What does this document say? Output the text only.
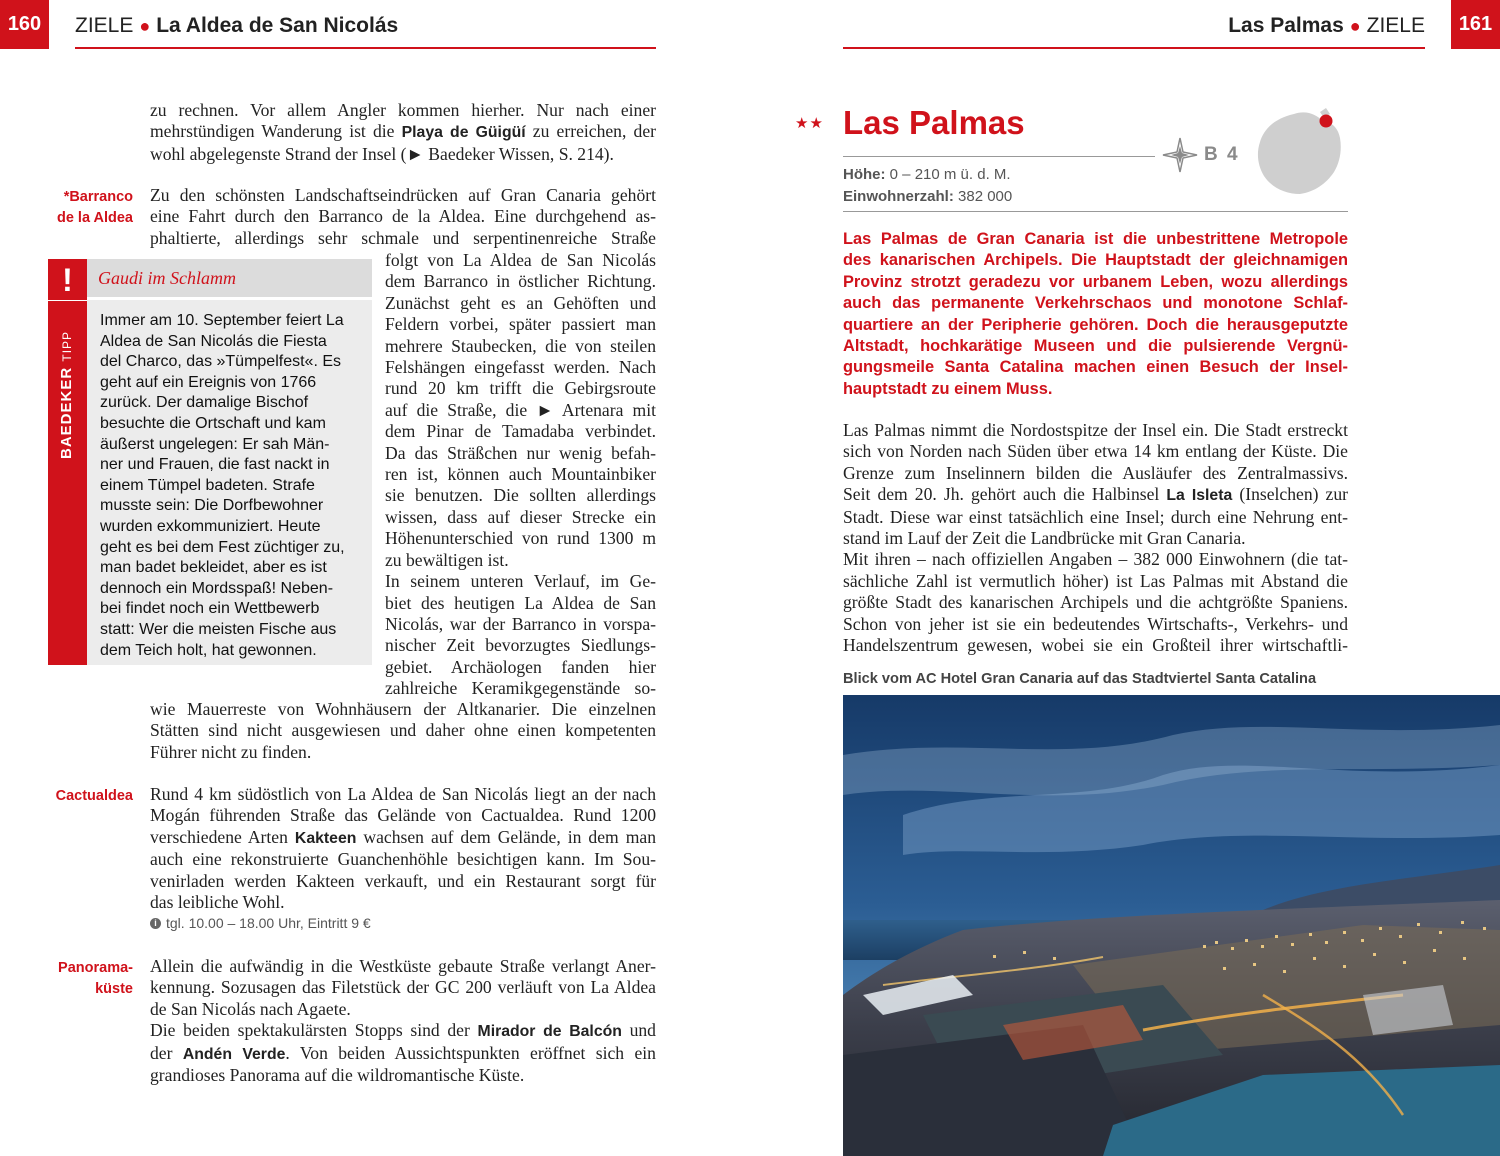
160	ZIELE ● La Aldea de San Nicolás

zu rechnen. Vor allem Angler kommen hierher. Nur nach einer

mehrstündigen Wanderung ist die Playa de Güigüí zu erreichen, der

wohl abgelegenste Strand der Insel (► Baedeker Wissen, S. 214).

*Barranco
de la Aldea

Zu den schönsten Landschaftseindrücken auf Gran Canaria gehört

eine Fahrt durch den Barranco de la Aldea. Eine durchgehend as-

phaltierte, allerdings sehr schmale und serpentinenreiche Straße

folgt von La Aldea de San Nicolás

dem Barranco in östlicher Richtung.

Zunächst geht es an Gehöften und

Feldern vorbei, später passiert man

mehrere Staubecken, die von steilen

Felshängen eingefasst werden. Nach

rund 20 km trifft die Gebirgsroute

auf die Straße, die ► Artenara mit

dem Pinar de Tamadaba verbindet.

Da das Sträßchen nur wenig befah-

ren ist, können auch Mountainbiker

sie benutzen. Die sollten allerdings

wissen, dass auf dieser Strecke ein

Höhenunterschied von rund 1300 m

zu bewältigen ist.

In seinem unteren Verlauf, im Ge-

biet des heutigen La Aldea de San

Nicolás, war der Barranco in vorspa-

nischer Zeit bevorzugtes Siedlungs-

gebiet. Archäologen fanden hier

zahlreiche Keramikgegenstände so-

wie Mauerreste von Wohnhäusern der Altkanarier. Die einzelnen

Stätten sind nicht ausgewiesen und daher ohne einen kompetenten

Führer nicht zu finden.

!
BAEDEKER TIPP
Gaudi im Schlamm
Immer am 10. September feiert La
Aldea de San Nicolás die Fiesta
del Charco, das »Tümpelfest«. Es
geht auf ein Ereignis von 1766
zurück. Der damalige Bischof
besuchte die Ortschaft und kam
äußerst ungelegen: Er sah Män-
ner und Frauen, die fast nackt in
einem Tümpel badeten. Strafe
musste sein: Die Dorfbewohner
wurden exkommuniziert. Heute
geht es bei dem Fest züchtiger zu,
man badet bekleidet, aber es ist
dennoch ein Mordsspaß! Neben-
bei findet noch ein Wettbewerb
statt: Wer die meisten Fische aus
dem Teich holt, hat gewonnen.
Cactualdea Rund 4 km südöstlich von La Aldea de San Nicolás liegt an der nach

Mogán führenden Straße das Gelände von Cactualdea. Rund 1200

verschiedene Arten Kakteen wachsen auf dem Gelände, in dem man

auch eine rekonstruierte Guanchenhöhle besichtigen kann. Im Sou-

venirladen werden Kakteen verkauft, und ein Restaurant sorgt für

das leibliche Wohl.

i tgl. 10.00 – 18.00 Uhr, Eintritt 9 €
Panorama-
küste

Allein die aufwändig in die Westküste gebaute Straße verlangt Aner-

kennung. Sozusagen das Filetstück der GC 200 verläuft von La Aldea

de San Nicolás nach Agaete.

Die beiden spektakulärsten Stopps sind der Mirador de Balcón und

der Andén Verde. Von beiden Aussichtspunkten eröffnet sich ein

grandioses Panorama auf die wildromantische Küste.

161
Las Palmas ● ZIELE
★★ Las Palmas
B 4
Höhe: 0 – 210 m ü. d. M.
Einwohnerzahl: 382 000
Las Palmas de Gran Canaria ist die unbestrittene Metropole
des kanarischen Archipels. Die Hauptstadt der gleichnamigen
Provinz strotzt geradezu vor urbanem Leben, wozu allerdings
auch das permanente Verkehrschaos und monotone Schlaf-
quartiere an der Peripherie gehören. Doch die herausgeputzte
Altstadt, hochkarätige Museen und die pulsierende Vergnü-
gungsmeile Santa Catalina machen einen Besuch der Insel-
hauptstadt zu einem Muss.

Las Palmas nimmt die Nordostspitze der Insel ein. Die Stadt erstreckt

sich von Norden nach Süden über etwa 14 km entlang der Küste. Die

Grenze zum Inselinnern bilden die Ausläufer des Zentralmassivs.

Seit dem 20. Jh. gehört auch die Halbinsel La Isleta (Inselchen) zur

Stadt. Diese war einst tatsächlich eine Insel; durch eine Nehrung ent-

stand im Lauf der Zeit die Landbrücke mit Gran Canaria.

Mit ihren – nach offiziellen Angaben – 382 000 Einwohnern (die tat-

sächliche Zahl ist vermutlich höher) ist Las Palmas mit Abstand die

größte Stadt des kanarischen Archipels und die achtgrößte Spaniens.

Schon von jeher ist sie ein bedeutendes Wirtschafts-, Verkehrs- und

Handelszentrum gewesen, wobei sie ein Großteil ihrer wirtschaftli-

Blick vom AC Hotel Gran Canaria auf das Stadtviertel Santa Catalina
